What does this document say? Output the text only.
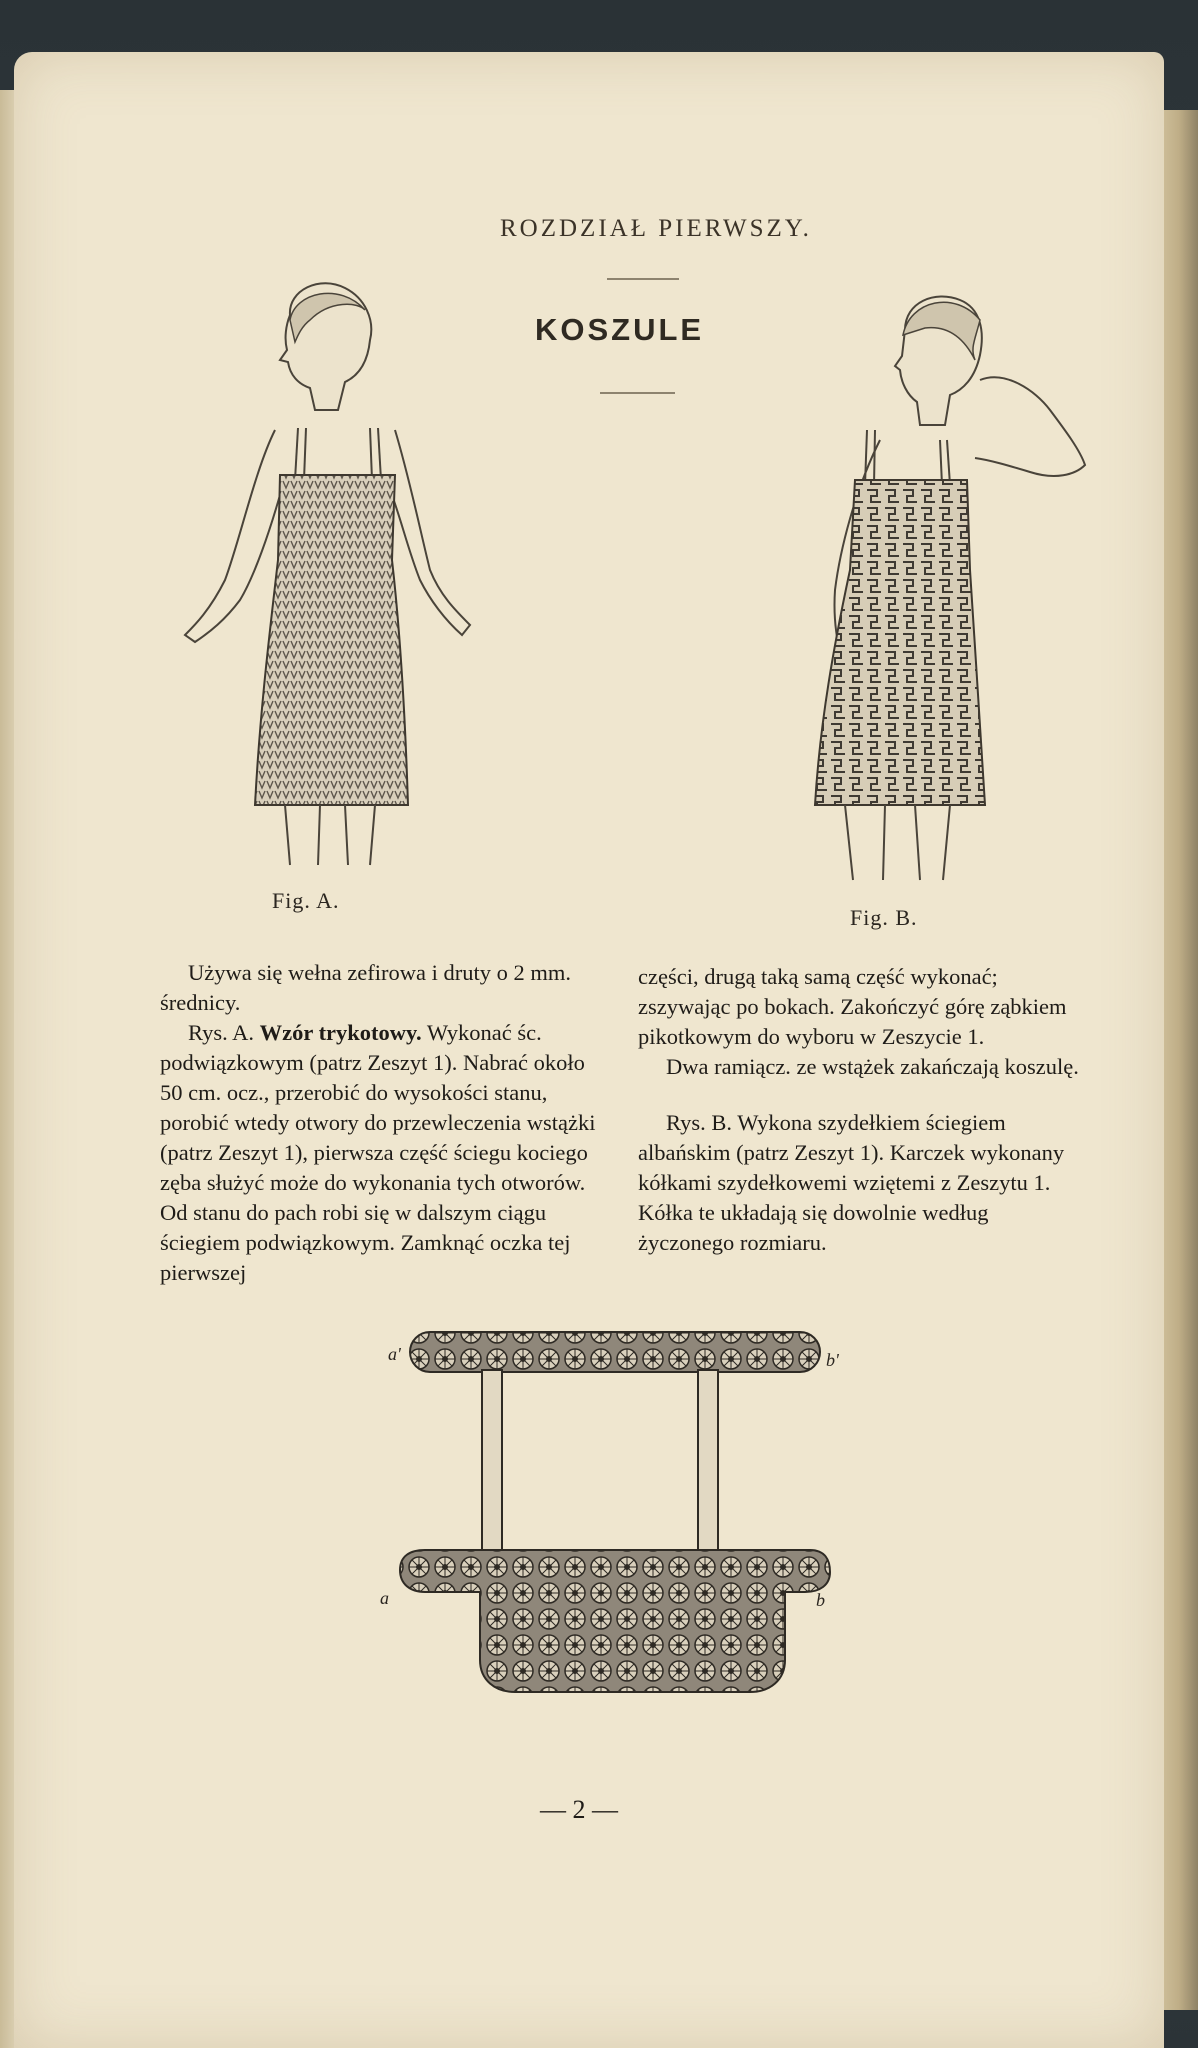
ROZDZIAŁ PIERWSZY.
KOSZULE
Fig. A.
Fig. B.

Używa się wełna zefirowa i druty o 2 mm. średnicy.

Rys. A. Wzór trykotowy. Wykonać śc. podwiązkowym (patrz Zeszyt 1). Nabrać około 50 cm. ocz., przerobić do wysokości stanu, porobić wtedy otwory do przewleczenia wstążki (patrz Zeszyt 1), pierwsza część ściegu kociego zęba służyć może do wykonania tych otworów. Od stanu do pach robi się w dalszym ciągu ściegiem podwiązkowym. Zamknąć oczka tej pierwszej

części, drugą taką samą część wykonać; zszywając po bokach. Zakończyć górę ząbkiem pikotkowym do wyboru w Zeszycie 1.

Dwa ramiącz. ze wstążek zakańczają koszulę.

Rys. B. Wykona szydełkiem ściegiem albańskim (patrz Zeszyt 1). Karczek wykonany kółkami szydełkowemi wziętemi z Zeszytu 1. Kółka te układają się dowolnie według życzonego rozmiaru.

a'	b'
a	b
— 2 —
